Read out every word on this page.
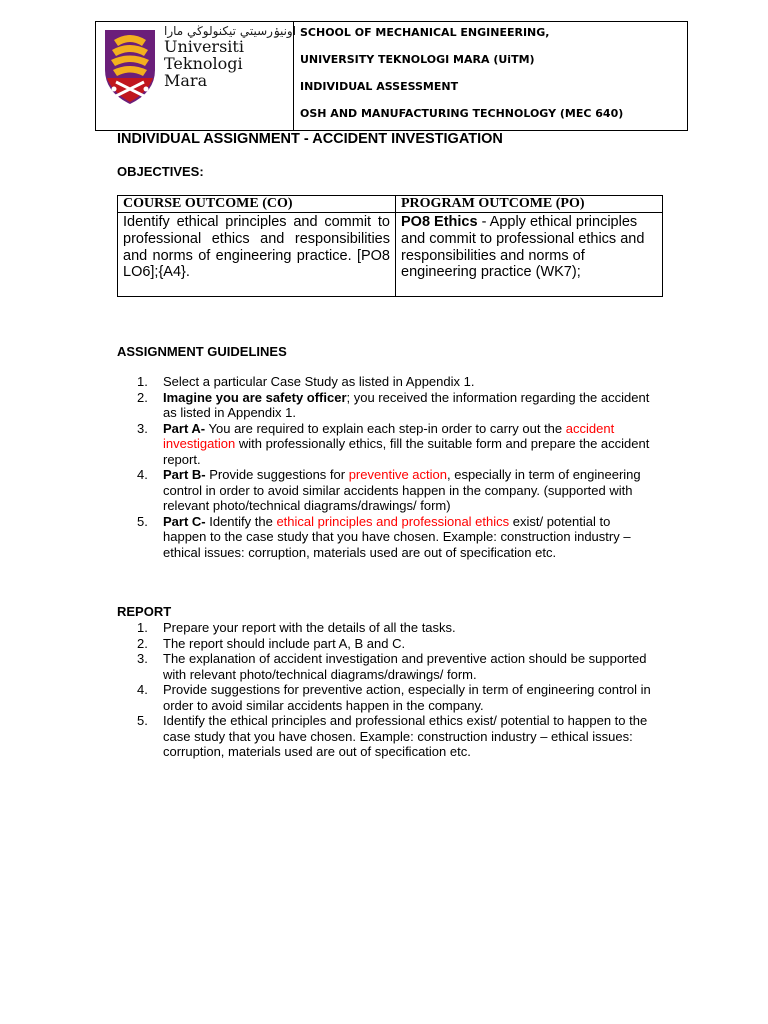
اونيۏرسيتي تيكنولوڬي مارا
Universiti
Teknologi
Mara
SCHOOL OF MECHANICAL ENGINEERING,
UNIVERSITY TEKNOLOGI MARA (UiTM)
INDIVIDUAL ASSESSMENT
OSH AND MANUFACTURING TECHNOLOGY (MEC 640)
INDIVIDUAL ASSIGNMENT - ACCIDENT INVESTIGATION
OBJECTIVES:
COURSE OUTCOME (CO)	PROGRAM OUTCOME (PO)
Identify ethical principles and commit to professional ethics and responsibilities and norms of engineering practice. [PO8 LO6];{A4}.	PO8 Ethics - Apply ethical principles and commit to professional ethics and
responsibilities and norms of engineering practice (WK7);
ASSIGNMENT GUIDELINES
1.	Select a particular Case Study as listed in Appendix 1.
2.	Imagine you are safety officer; you received the information regarding the accident as listed in Appendix 1.
3.	Part A- You are required to explain each step-in order to carry out the accident investigation with professionally ethics, fill the suitable form and prepare the accident report.
4.	Part B- Provide suggestions for preventive action, especially in term of engineering control in order to avoid similar accidents happen in the company. (supported with relevant photo/technical diagrams/drawings/ form)
5.	Part C- Identify the ethical principles and professional ethics exist/ potential to happen to the case study that you have chosen. Example: construction industry – ethical issues: corruption, materials used are out of specification etc.
REPORT
1.	Prepare your report with the details of all the tasks.
2.	The report should include part A, B and C.
3.	The explanation of accident investigation and preventive action should be supported with relevant photo/technical diagrams/drawings/ form.
4.	Provide suggestions for preventive action, especially in term of engineering control in order to avoid similar accidents happen in the company.
5.	Identify the ethical principles and professional ethics exist/ potential to happen to the case study that you have chosen. Example: construction industry – ethical issues: corruption, materials used are out of specification etc.
